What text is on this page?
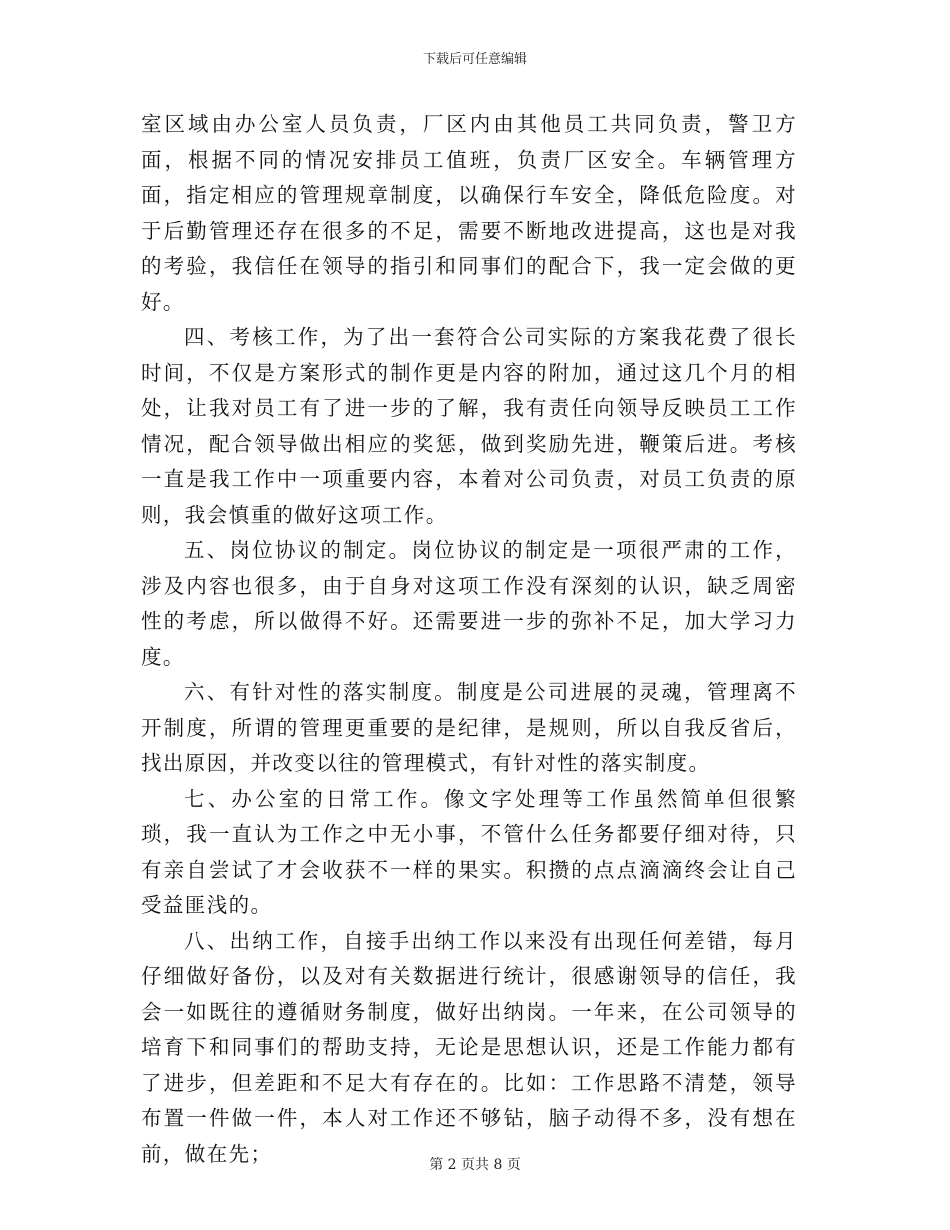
下载后可任意编辑

室区域由办公室人员负责，厂区内由其他员工共同负责，警卫方面，根据不同的情况安排员工值班，负责厂区安全。车辆管理方面，指定相应的管理规章制度，以确保行车安全，降低危险度。对于后勤管理还存在很多的不足，需要不断地改进提高，这也是对我的考验，我信任在领导的指引和同事们的配合下，我一定会做的更好。

四、考核工作，为了出一套符合公司实际的方案我花费了很长时间，不仅是方案形式的制作更是内容的附加，通过这几个月的相处，让我对员工有了进一步的了解，我有责任向领导反映员工工作情况，配合领导做出相应的奖惩，做到奖励先进，鞭策后进。考核一直是我工作中一项重要内容，本着对公司负责，对员工负责的原则，我会慎重的做好这项工作。

五、岗位协议的制定。岗位协议的制定是一项很严肃的工作，涉及内容也很多，由于自身对这项工作没有深刻的认识，缺乏周密性的考虑，所以做得不好。还需要进一步的弥补不足，加大学习力度。

六、有针对性的落实制度。制度是公司进展的灵魂，管理离不开制度，所谓的管理更重要的是纪律，是规则，所以自我反省后，找出原因，并改变以往的管理模式，有针对性的落实制度。

七、办公室的日常工作。像文字处理等工作虽然简单但很繁琐，我一直认为工作之中无小事，不管什么任务都要仔细对待，只有亲自尝试了才会收获不一样的果实。积攒的点点滴滴终会让自己受益匪浅的。

八、出纳工作，自接手出纳工作以来没有出现任何差错，每月仔细做好备份，以及对有关数据进行统计，很感谢领导的信任，我会一如既往的遵循财务制度，做好出纳岗。一年来，在公司领导的培育下和同事们的帮助支持，无论是思想认识，还是工作能力都有了进步，但差距和不足大有存在的。比如：工作思路不清楚，领导布置一件做一件，本人对工作还不够钻，脑子动得不多，没有想在前，做在先；	第 2 页共 8 页
